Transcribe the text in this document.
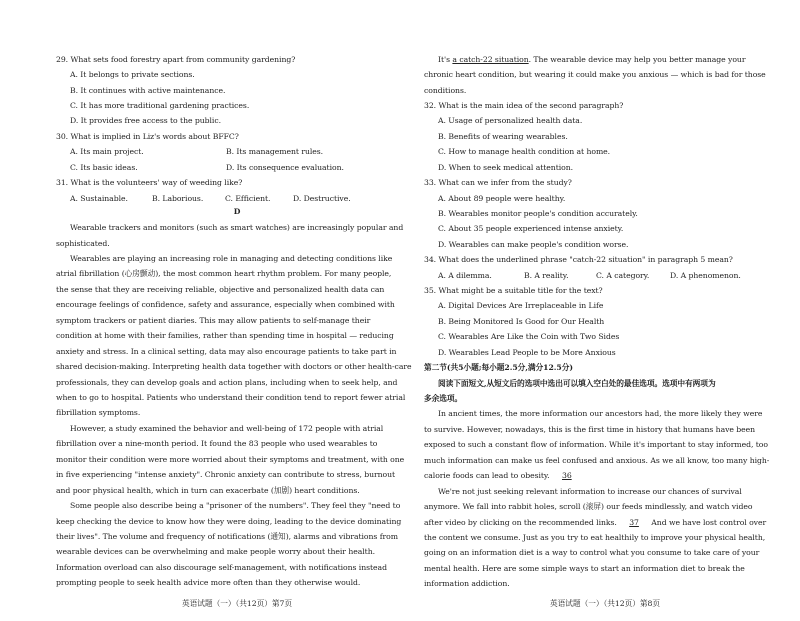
29. What sets food forestry apart from community gardening?
A. It belongs to private sections.
B. It continues with active maintenance.
C. It has more traditional gardening practices.
D. It provides free access to the public.
30. What is implied in Liz's words about BFFC?
A. Its main project.	B. Its management rules.
C. Its basic ideas.	D. Its consequence evaluation.
31. What is the volunteers' way of weeding like?
A. Sustainable.	B. Laborious.	C. Efficient.	D. Destructive.
D
Wearable trackers and monitors (such as smart watches) are increasingly popular and
sophisticated.
Wearables are playing an increasing role in managing and detecting conditions like
atrial fibrillation (心房颤动), the most common heart rhythm problem. For many people,
the sense that they are receiving reliable, objective and personalized health data can
encourage feelings of confidence, safety and assurance, especially when combined with
symptom trackers or patient diaries. This may allow patients to self-manage their
condition at home with their families, rather than spending time in hospital — reducing
anxiety and stress. In a clinical setting, data may also encourage patients to take part in
shared decision-making. Interpreting health data together with doctors or other health-care
professionals, they can develop goals and action plans, including when to seek help, and
when to go to hospital. Patients who understand their condition tend to report fewer atrial
fibrillation symptoms.
However, a study examined the behavior and well-being of 172 people with atrial
fibrillation over a nine-month period. It found the 83 people who used wearables to
monitor their condition were more worried about their symptoms and treatment, with one
in five experiencing "intense anxiety". Chronic anxiety can contribute to stress, burnout
and poor physical health, which in turn can exacerbate (加剧) heart conditions.
Some people also describe being a "prisoner of the numbers". They feel they "need to
keep checking the device to know how they were doing, leading to the device dominating
their lives". The volume and frequency of notifications (通知), alarms and vibrations from
wearable devices can be overwhelming and make people worry about their health.
Information overload can also discourage self-management, with notifications instead
prompting people to seek health advice more often than they otherwise would.
英语试题（一）（共12页）第7页
It's a catch-22 situation. The wearable device may help you better manage your
chronic heart condition, but wearing it could make you anxious — which is bad for those
conditions.
32. What is the main idea of the second paragraph?
A. Usage of personalized health data.
B. Benefits of wearing wearables.
C. How to manage health condition at home.
D. When to seek medical attention.
33. What can we infer from the study?
A. About 89 people were healthy.
B. Wearables monitor people's condition accurately.
C. About 35 people experienced intense anxiety.
D. Wearables can make people's condition worse.
34. What does the underlined phrase "catch-22 situation" in paragraph 5 mean?
A. A dilemma.	B. A reality.	C. A category.	D. A phenomenon.
35. What might be a suitable title for the text?
A. Digital Devices Are Irreplaceable in Life
B. Being Monitored Is Good for Our Health
C. Wearables Are Like the Coin with Two Sides
D. Wearables Lead People to be More Anxious
第二节(共5小题;每小题2.5分,满分12.5分)
阅读下面短文,从短文后的选项中选出可以填入空白处的最佳选项。选项中有两项为
多余选项。
In ancient times, the more information our ancestors had, the more likely they were
to survive. However, nowadays, this is the first time in history that humans have been
exposed to such a constant flow of information. While it's important to stay informed, too
much information can make us feel confused and anxious. As we all know, too many high-
calorie foods can lead to obesity. 36
We're not just seeking relevant information to increase our chances of survival
anymore. We fall into rabbit holes, scroll (滚屏) our feeds mindlessly, and watch video
after video by clicking on the recommended links. 37 And we have lost control over
the content we consume. Just as you try to eat healthily to improve your physical health,
going on an information diet is a way to control what you consume to take care of your
mental health. Here are some simple ways to start an information diet to break the
information addiction.
英语试题（一）（共12页）第8页
